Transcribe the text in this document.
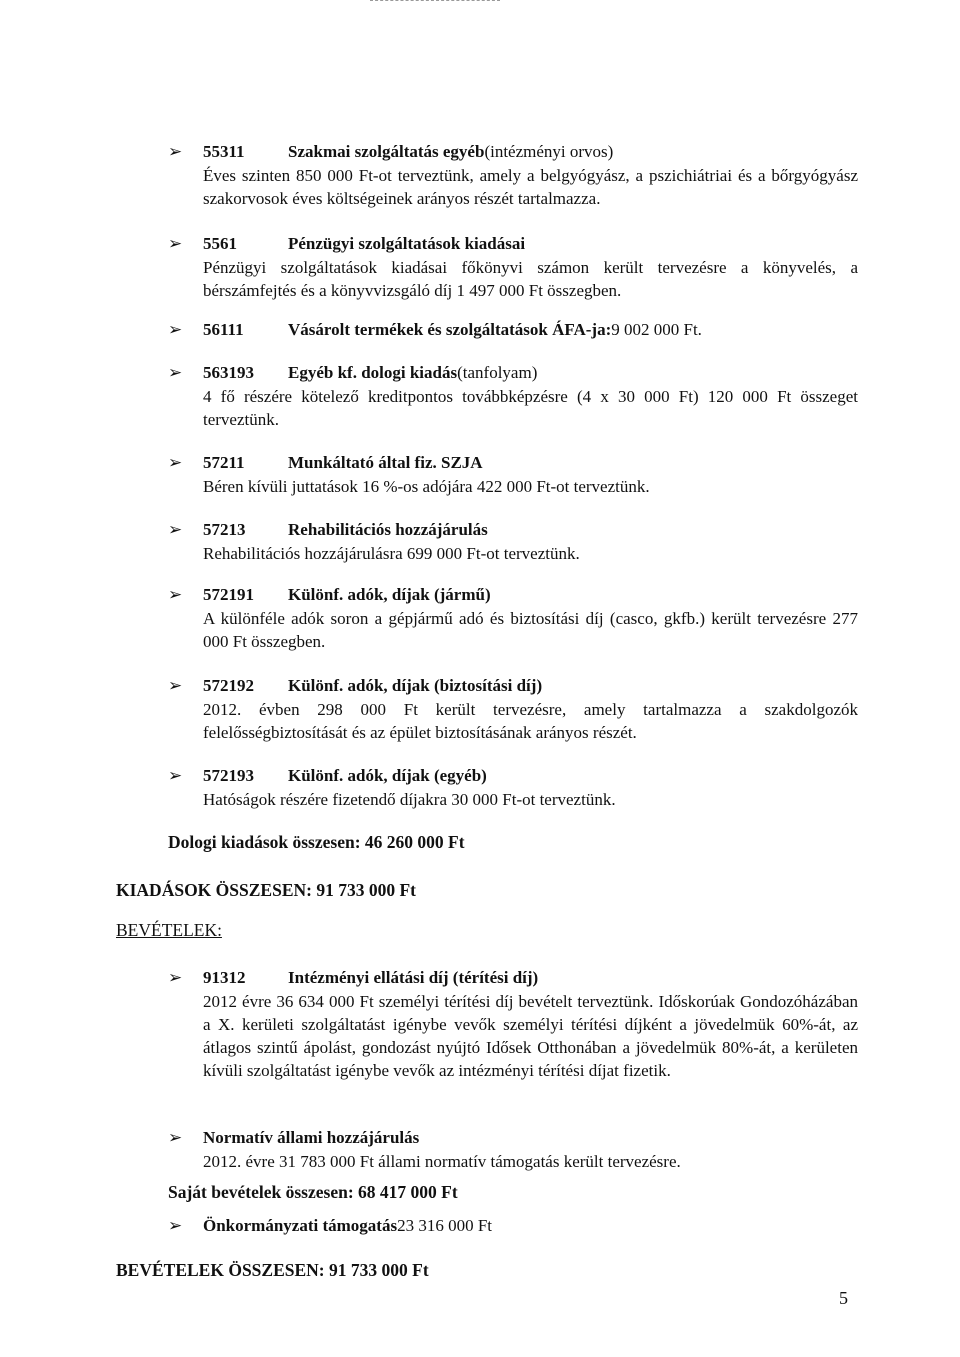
➢	55311	Szakmai szolgáltatás egyéb (intézményi orvos)
Éves szinten 850 000 Ft-ot terveztünk, amely a belgyógyász, a pszichiátriai és a bőrgyógyász szakorvosok éves költségeinek arányos részét tartalmazza.
➢	5561	Pénzügyi szolgáltatások kiadásai
Pénzügyi szolgáltatások kiadásai főkönyvi számon került tervezésre a könyvelés, a bérszámfejtés és a könyvvizsgáló díj 1 497 000 Ft összegben.
➢	56111	Vásárolt termékek és szolgáltatások ÁFA-ja: 9 002 000 Ft.
➢	563193	Egyéb kf. dologi kiadás (tanfolyam)
4 fő részére kötelező kreditpontos továbbképzésre (4 x 30 000 Ft) 120 000 Ft összeget terveztünk.
➢	57211	Munkáltató által fiz. SZJA
Béren kívüli juttatások 16 %-os adójára 422 000 Ft-ot terveztünk.
➢	57213	Rehabilitációs hozzájárulás
Rehabilitációs hozzájárulásra 699 000 Ft-ot terveztünk.
➢	572191	Különf. adók, díjak (jármű)
A különféle adók soron a gépjármű adó és biztosítási díj (casco, gkfb.) került tervezésre 277 000 Ft összegben.
➢	572192	Különf. adók, díjak (biztosítási díj)
2012. évben 298 000 Ft került tervezésre, amely tartalmazza a szakdolgozók felelősségbiztosítását és az épület biztosításának arányos részét.
➢	572193	Különf. adók, díjak (egyéb)
Hatóságok részére fizetendő díjakra 30 000 Ft-ot terveztünk.
Dologi kiadások összesen: 46 260 000 Ft
KIADÁSOK ÖSSZESEN: 91 733 000 Ft
BEVÉTELEK:
➢	91312	Intézményi ellátási díj (térítési díj)
2012 évre 36 634 000 Ft személyi térítési díj bevételt terveztünk. Időskorúak Gondozóházában a X. kerületi szolgáltatást igénybe vevők személyi térítési díjként a jövedelmük 60%-át, az átlagos szintű ápolást, gondozást nyújtó Idősek Otthonában a jövedelmük 80%-át, a kerületen kívüli szolgáltatást igénybe vevők az intézményi térítési díjat fizetik.
➢	Normatív állami hozzájárulás
2012. évre 31 783 000 Ft állami normatív támogatás került tervezésre.
Saját bevételek összesen: 68 417 000 Ft
➢	Önkormányzati támogatás 23 316 000 Ft
BEVÉTELEK ÖSSZESEN: 91 733 000 Ft
5
